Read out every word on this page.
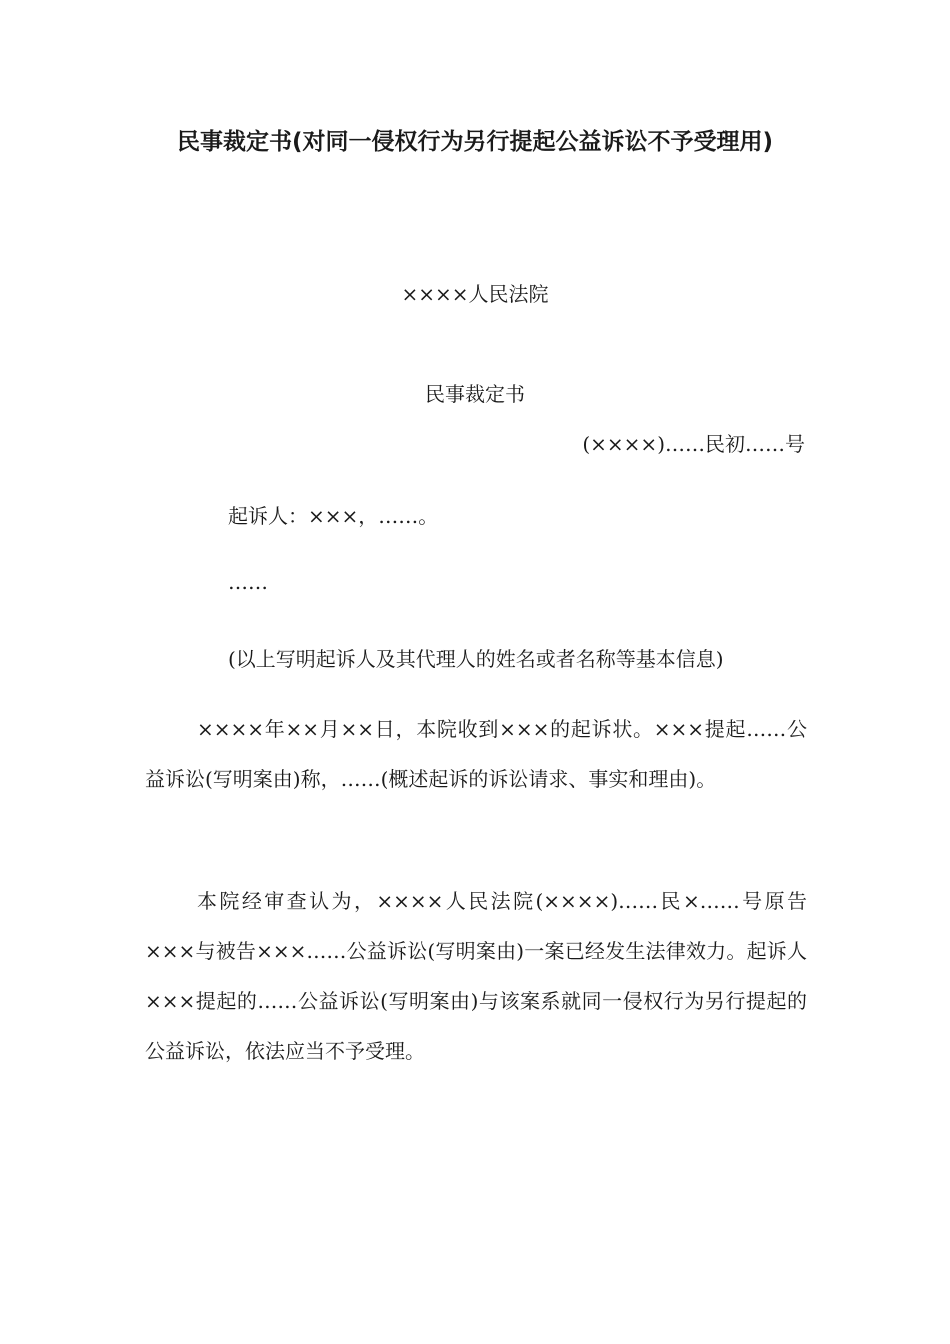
民事裁定书(对同一侵权行为另行提起公益诉讼不予受理用)
××××人民法院
民事裁定书
(××××)……民初……号
起诉人：×××，……。
……
(以上写明起诉人及其代理人的姓名或者名称等基本信息)

××××年××月××日，本院收到×××的起诉状。×××提起……公益诉讼(写明案由)称，……(概述起诉的诉讼请求、事实和理由)。

本院经审查认为，××××人民法院(××××)……民×……号原告×××与被告×××……公益诉讼(写明案由)一案已经发生法律效力。起诉人×××提起的……公益诉讼(写明案由)与该案系就同一侵权行为另行提起的公益诉讼，依法应当不予受理。
